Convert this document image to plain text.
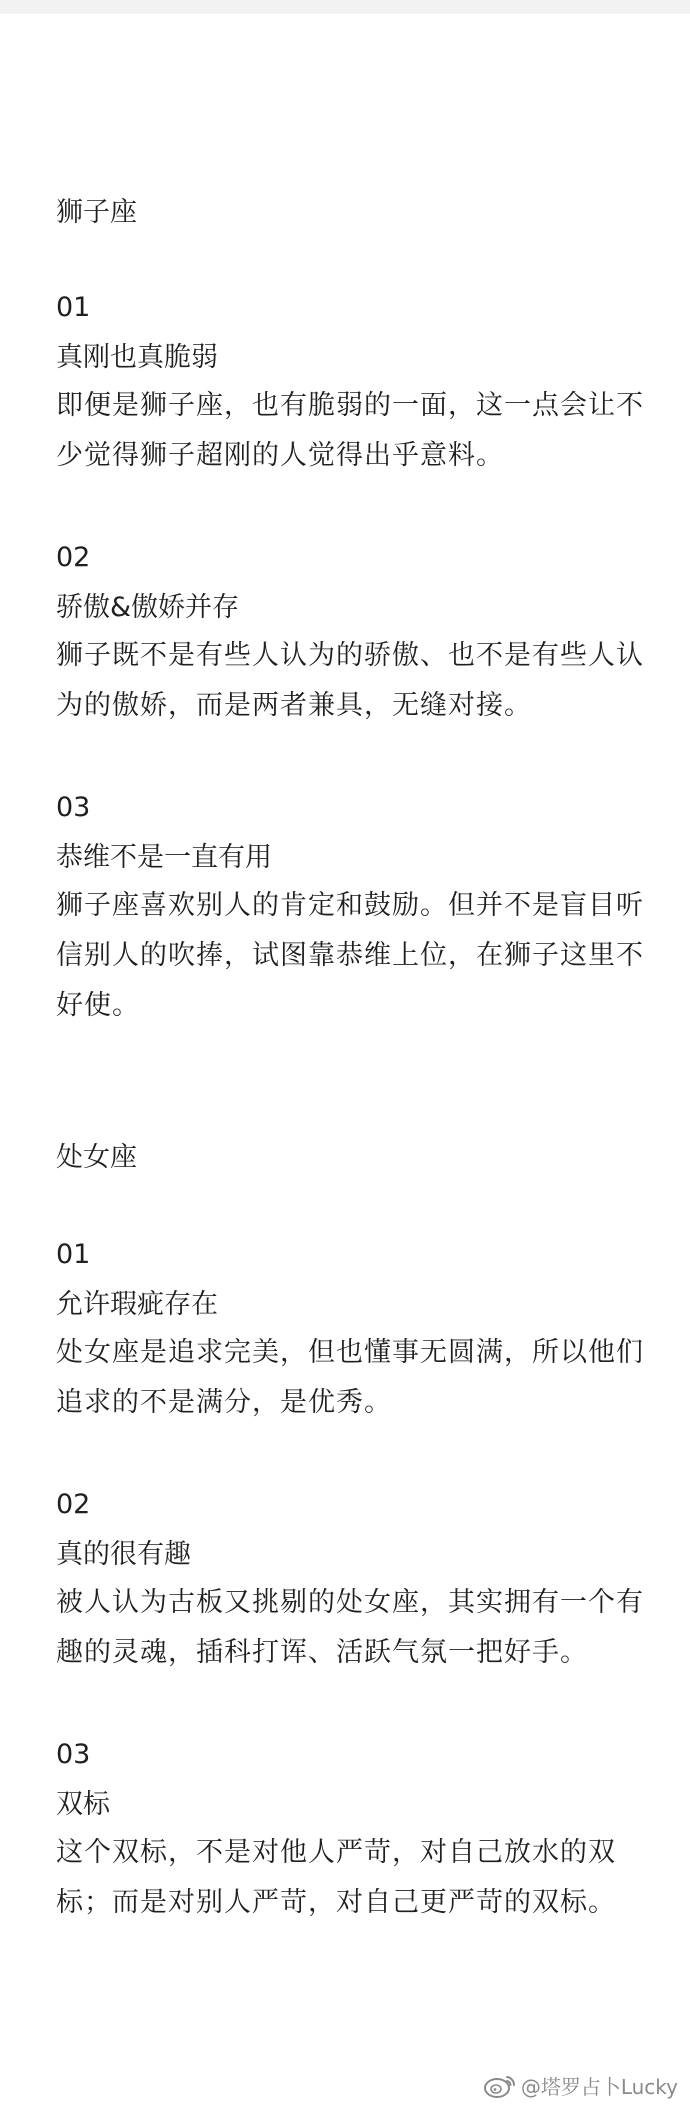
狮子座
01
真刚也真脆弱
即便是狮子座，也有脆弱的一面，这一点会让不少觉得狮子超刚的人觉得出乎意料。
02
骄傲&傲娇并存
狮子既不是有些人认为的骄傲、也不是有些人认为的傲娇，而是两者兼具，无缝对接。
03
恭维不是一直有用
狮子座喜欢别人的肯定和鼓励。但并不是盲目听信别人的吹捧，试图靠恭维上位，在狮子这里不好使。
处女座
01
允许瑕疵存在
处女座是追求完美，但也懂事无圆满，所以他们追求的不是满分，是优秀。
02
真的很有趣
被人认为古板又挑剔的处女座，其实拥有一个有趣的灵魂，插科打诨、活跃气氛一把好手。
03
双标
这个双标，不是对他人严苛，对自己放水的双标；而是对别人严苛，对自己更严苛的双标。
@塔罗占卜Lucky
